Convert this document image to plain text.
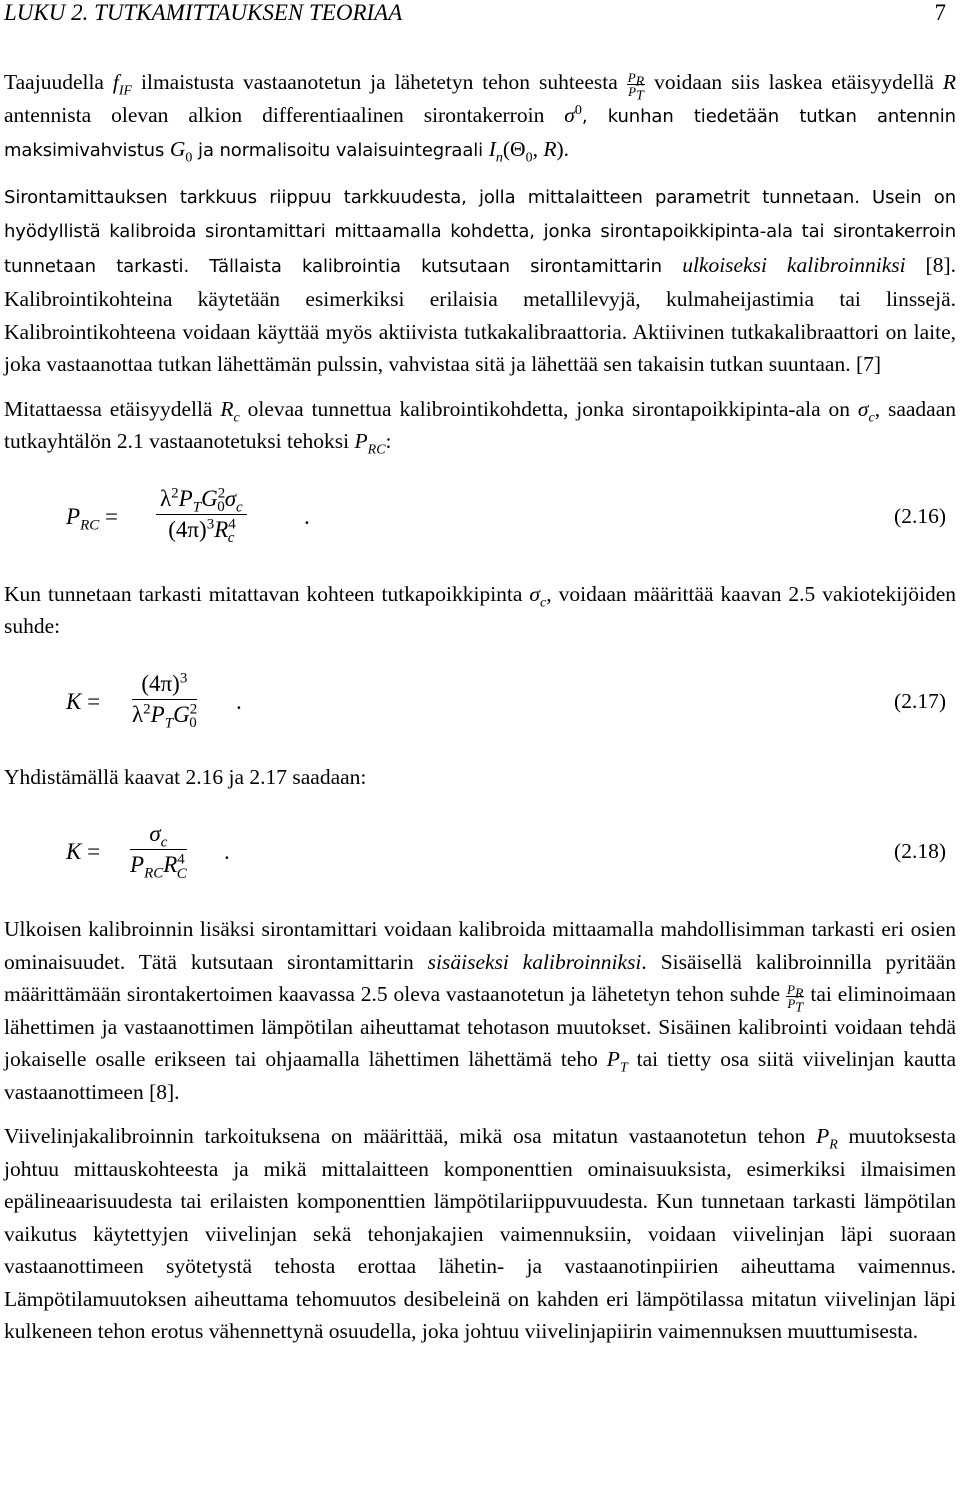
LUKU 2. TUTKAMITTAUKSEN TEORIAA	7

Taajuudella $f_{IF}$ ilmaistusta vastaanotetun ja lähetetyn tehon suhteesta $\frac{P_R}{P_T}$ voidaan siis laskea etäisyydellä R antennista olevan alkion differentiaalinen sirontakerroin $\sigma^0$, kunhan tiedetään tutkan antennin maksimivahvistus $G_0$ ja normalisoitu valaisuintegraali $I_n(\Theta_0$, R).

Sirontamittauksen tarkkuus riippuu tarkkuudesta, jolla mittalaitteen parametrit tunnetaan. Usein on hyödyllistä kalibroida sirontamittari mittaamalla kohdetta, jonka sirontapoikkipinta-ala tai sirontakerroin tunnetaan tarkasti. Tällaista kalibrointia kutsutaan sirontamittarin ulkoiseksi kalibroinniksi [8]. Kalibrointikohteina käytetään esimerkiksi erilaisia metallilevyjä, kulmaheijastimia tai linssejä. Kalibrointikohteena voidaan käyttää myös aktiivista tutkakalibraattoria. Aktiivinen tutkakalibraattori on laite, joka vastaanottaa tutkan lähettämän pulssin, vahvistaa sitä ja lähettää sen takaisin tutkan suuntaan. [7]

Mitattaessa etäisyydellä $R_c$ olevaa tunnettua kalibrointikohdetta, jonka sirontapoikkipinta-ala on $\sigma_c$, saadaan tutkayhtälön 2.1 vastaanotetuksi tehoksi $P_{RC}$:

$P_{RC}$ =
$\lambda^2P_TG^2_0\sigma_c$
$(4\pi)^3R^4_c$
.	(2.16)

Kun tunnetaan tarkasti mitattavan kohteen tutkapoikkipinta $\sigma_c$, voidaan määrittää kaavan 2.5 vakiotekijöiden suhde:

K =
$(4\pi)^3$
$\lambda^2P_TG^2_0$
.	(2.17)

Yhdistämällä kaavat 2.16 ja 2.17 saadaan:

K =
$\sigma_c$
$P_{RC}R^4_C$
.	(2.18)

Ulkoisen kalibroinnin lisäksi sirontamittari voidaan kalibroida mittaamalla mahdollisimman tarkasti eri osien ominaisuudet. Tätä kutsutaan sirontamittarin sisäiseksi kalibroinniksi. Sisäisellä kalibroinnilla pyritään määrittämään sirontakertoimen kaavassa 2.5 oleva vastaanotetun ja lähetetyn tehon suhde $\frac{P_R}{P_T}$ tai eliminoimaan lähettimen ja vastaanottimen lämpötilan aiheuttamat tehotason muutokset. Sisäinen kalibrointi voidaan tehdä jokaiselle osalle erikseen tai ohjaamalla lähettimen lähettämä teho $P_T$ tai tietty osa siitä viivelinjan kautta vastaanottimeen [8].

Viivelinjakalibroinnin tarkoituksena on määrittää, mikä osa mitatun vastaanotetun tehon $P_R$ muutoksesta johtuu mittauskohteesta ja mikä mittalaitteen komponenttien ominaisuuksista, esimerkiksi ilmaisimen epälineaarisuudesta tai erilaisten komponenttien lämpötilariippuvuudesta. Kun tunnetaan tarkasti lämpötilan vaikutus käytettyjen viivelinjan sekä tehonjakajien vaimennuksiin, voidaan viivelinjan läpi suoraan vastaanottimeen syötetystä tehosta erottaa lähetin- ja vastaanotinpiirien aiheuttama vaimennus. Lämpötilamuutoksen aiheuttama tehomuutos desibeleinä on kahden eri lämpötilassa mitatun viivelinjan läpi kulkeneen tehon erotus vähennettynä osuudella, joka johtuu viivelinjapiirin vaimennuksen muuttumisesta.
